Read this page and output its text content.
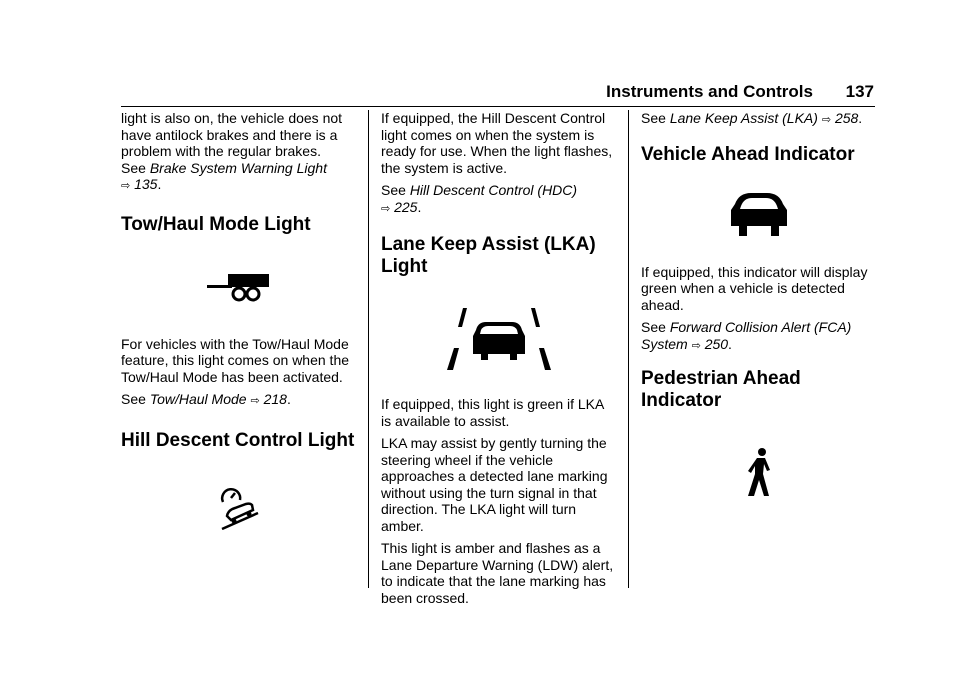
Instruments and Controls 137

light is also on, the vehicle does not have antilock brakes and there is a problem with the regular brakes.
See Brake System Warning Light
⇨ 135.

Tow/Haul Mode Light

For vehicles with the Tow/Haul Mode feature, this light comes on when the Tow/Haul Mode has been activated.

See Tow/Haul Mode ⇨ 218.

Hill Descent Control Light

If equipped, the Hill Descent Control light comes on when the system is ready for use. When the light flashes, the system is active.

See Hill Descent Control (HDC)
⇨ 225.

Lane Keep Assist (LKA) Light

If equipped, this light is green if LKA is available to assist.

LKA may assist by gently turning the steering wheel if the vehicle approaches a detected lane marking without using the turn signal in that direction. The LKA light will turn amber.

This light is amber and flashes as a Lane Departure Warning (LDW) alert, to indicate that the lane marking has been crossed.

See Lane Keep Assist (LKA) ⇨ 258.

Vehicle Ahead Indicator

If equipped, this indicator will display green when a vehicle is detected ahead.

See Forward Collision Alert (FCA) System ⇨ 250.

Pedestrian Ahead Indicator
